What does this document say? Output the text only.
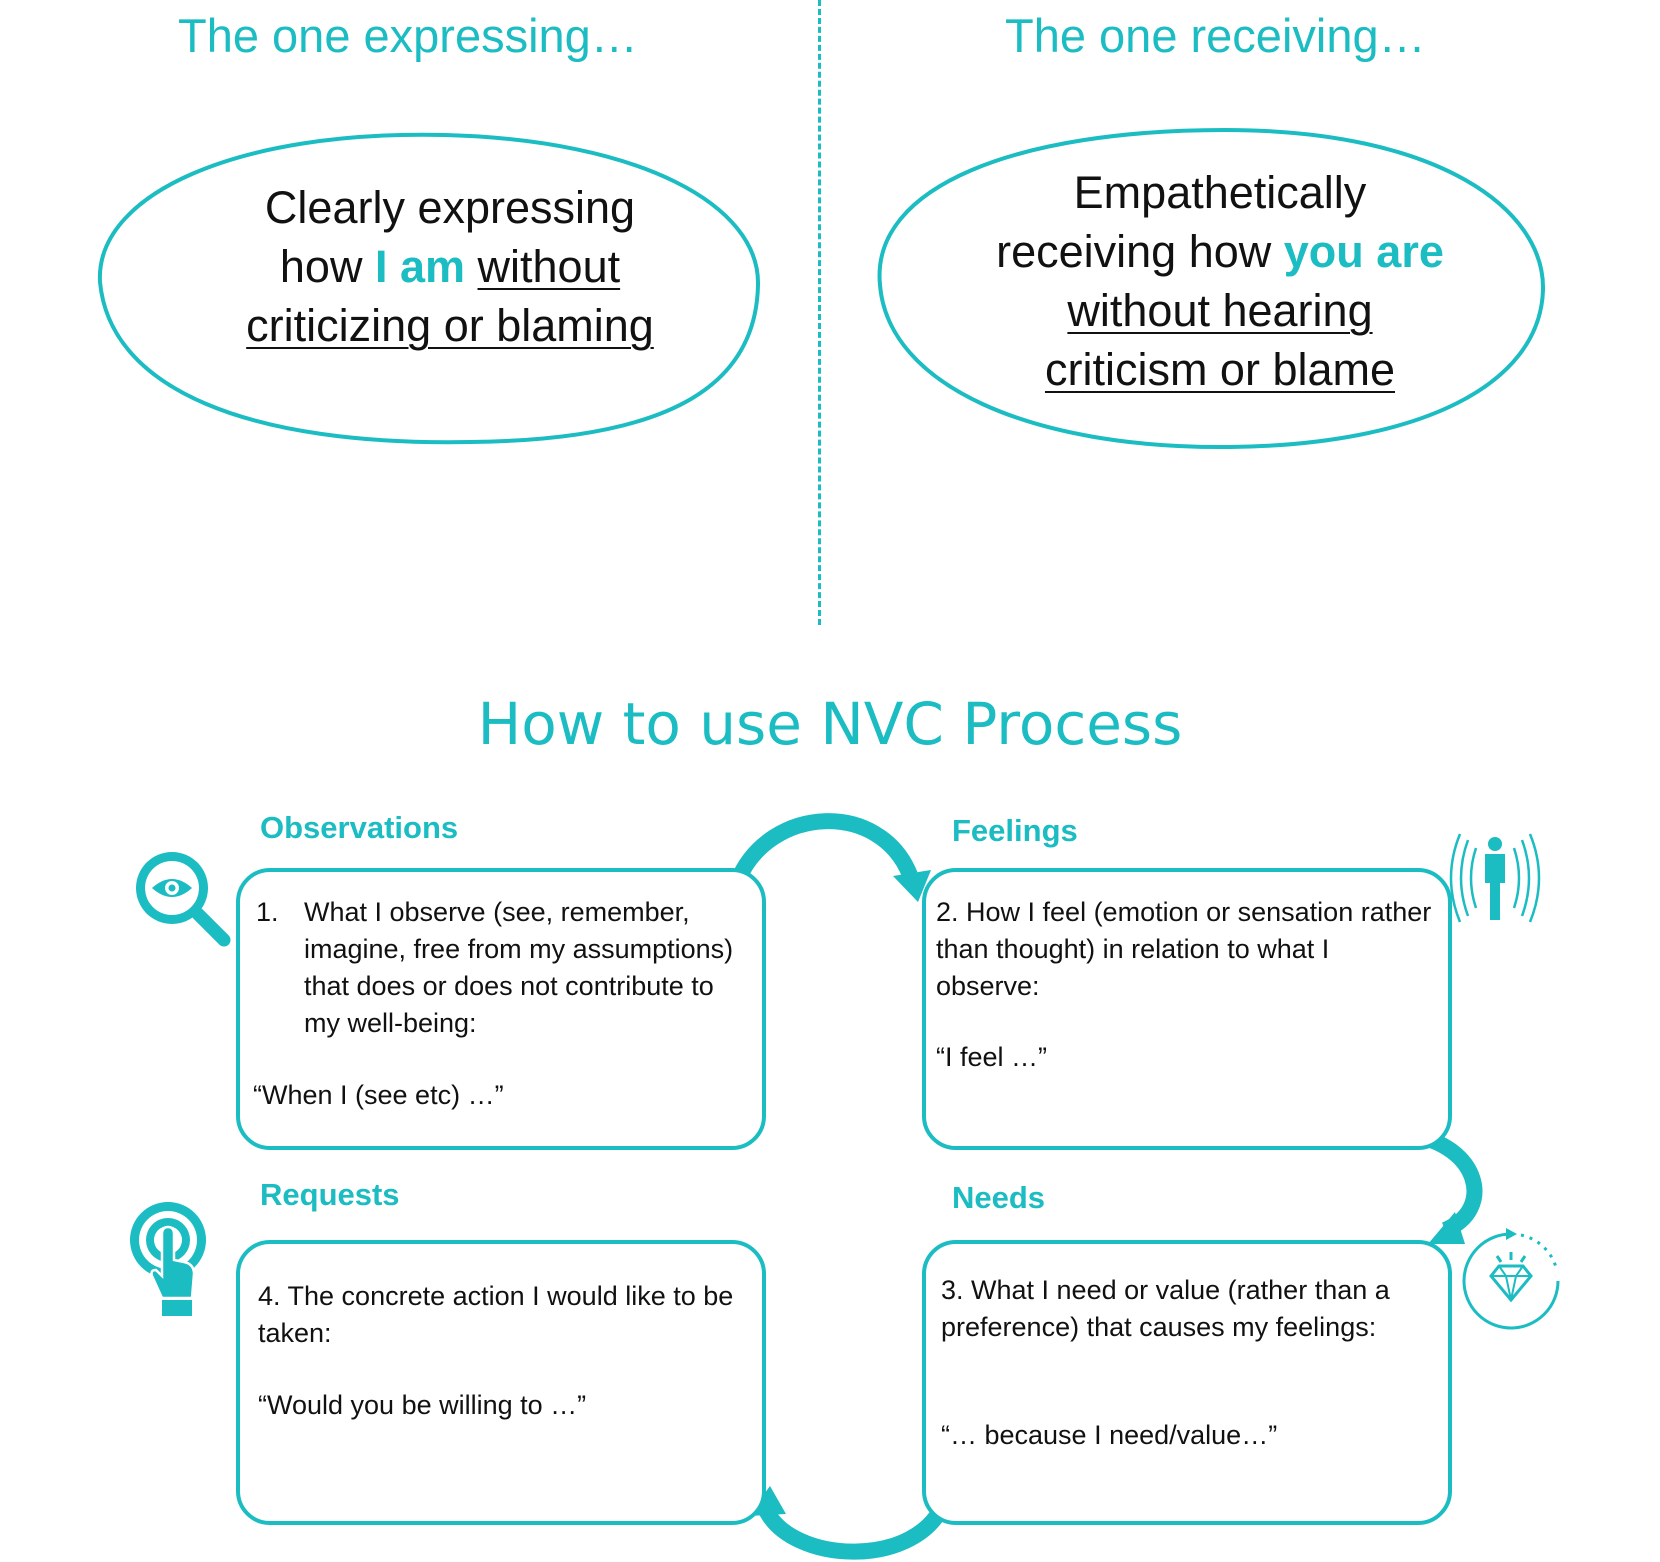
The one expressing…	The one receiving…
Clearly expressing
how I am without
criticizing or blaming
Empathetically
receiving how you are
without hearing
criticism or blame
How to use NVC Process
Observations	Feelings
Requests	Needs
1. What I observe (see, remember, imagine, free from my assumptions) that does or does not contribute to my well-being:
“When I (see etc) …”
2. How I feel (emotion or sensation rather than thought) in relation to what I observe:
“I feel …”
4. The concrete action I would like to be taken:
“Would you be willing to …”
3. What I need or value (rather than a preference) that causes my feelings:
“… because I need/value…”
